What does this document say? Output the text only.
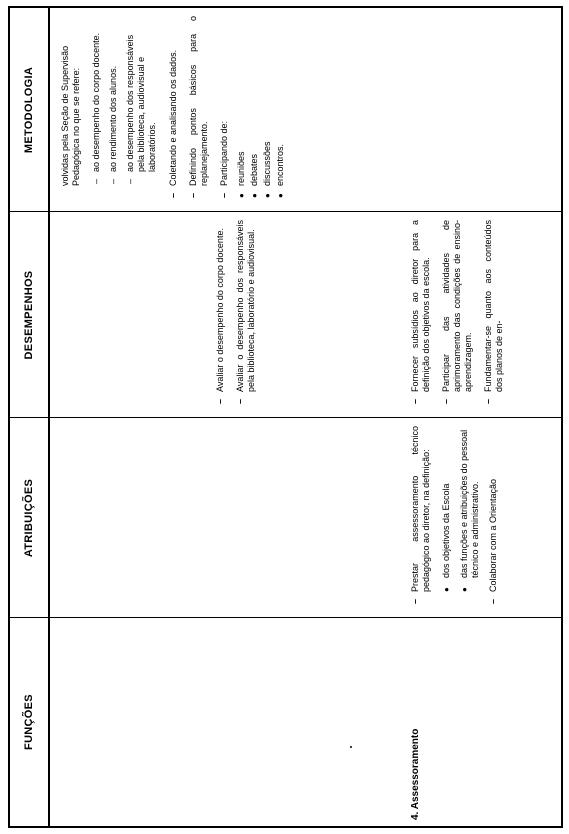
FUNÇÕES
ATRIBUIÇÕES
DESEMPENHOS
METODOLOGIA
4. Assessoramento
–
Prestar assessoramento técnico pedagógico ao diretor, na definição: ●
dos objetivos da Escola
●
das funções e atribuições do pessoal técnico e administrativo.
–
Colaborar com a Orientação
–
Avaliar o desempenho do corpo docente.
–
Avaliar o desempenho dos responsáveis pela biblioteca, laboratório e audiovisual.
–
Fornecer subsídios ao diretor para a definição dos objetivos da escola.
–
Participar das atividades de aprimoramento das condições de ensino-aprendizagem.
–
Fundamentar-se quanto aos conteúdos dos planos de en-

volvidas pela Seção de Supervisão Pedagógica no que se refere: –
ao desempenho do corpo docente.
–
ao rendimento dos alunos.
–
ao desempenho dos responsáveis pela biblioteca, audiovisual e laboratórios.
–
Coletando e analisando os dados.
–
Definindo pontos básicos para o replanejamento.
–
Participando de:
●
reuniões
●
debates
●
discussões
●
encontros.
